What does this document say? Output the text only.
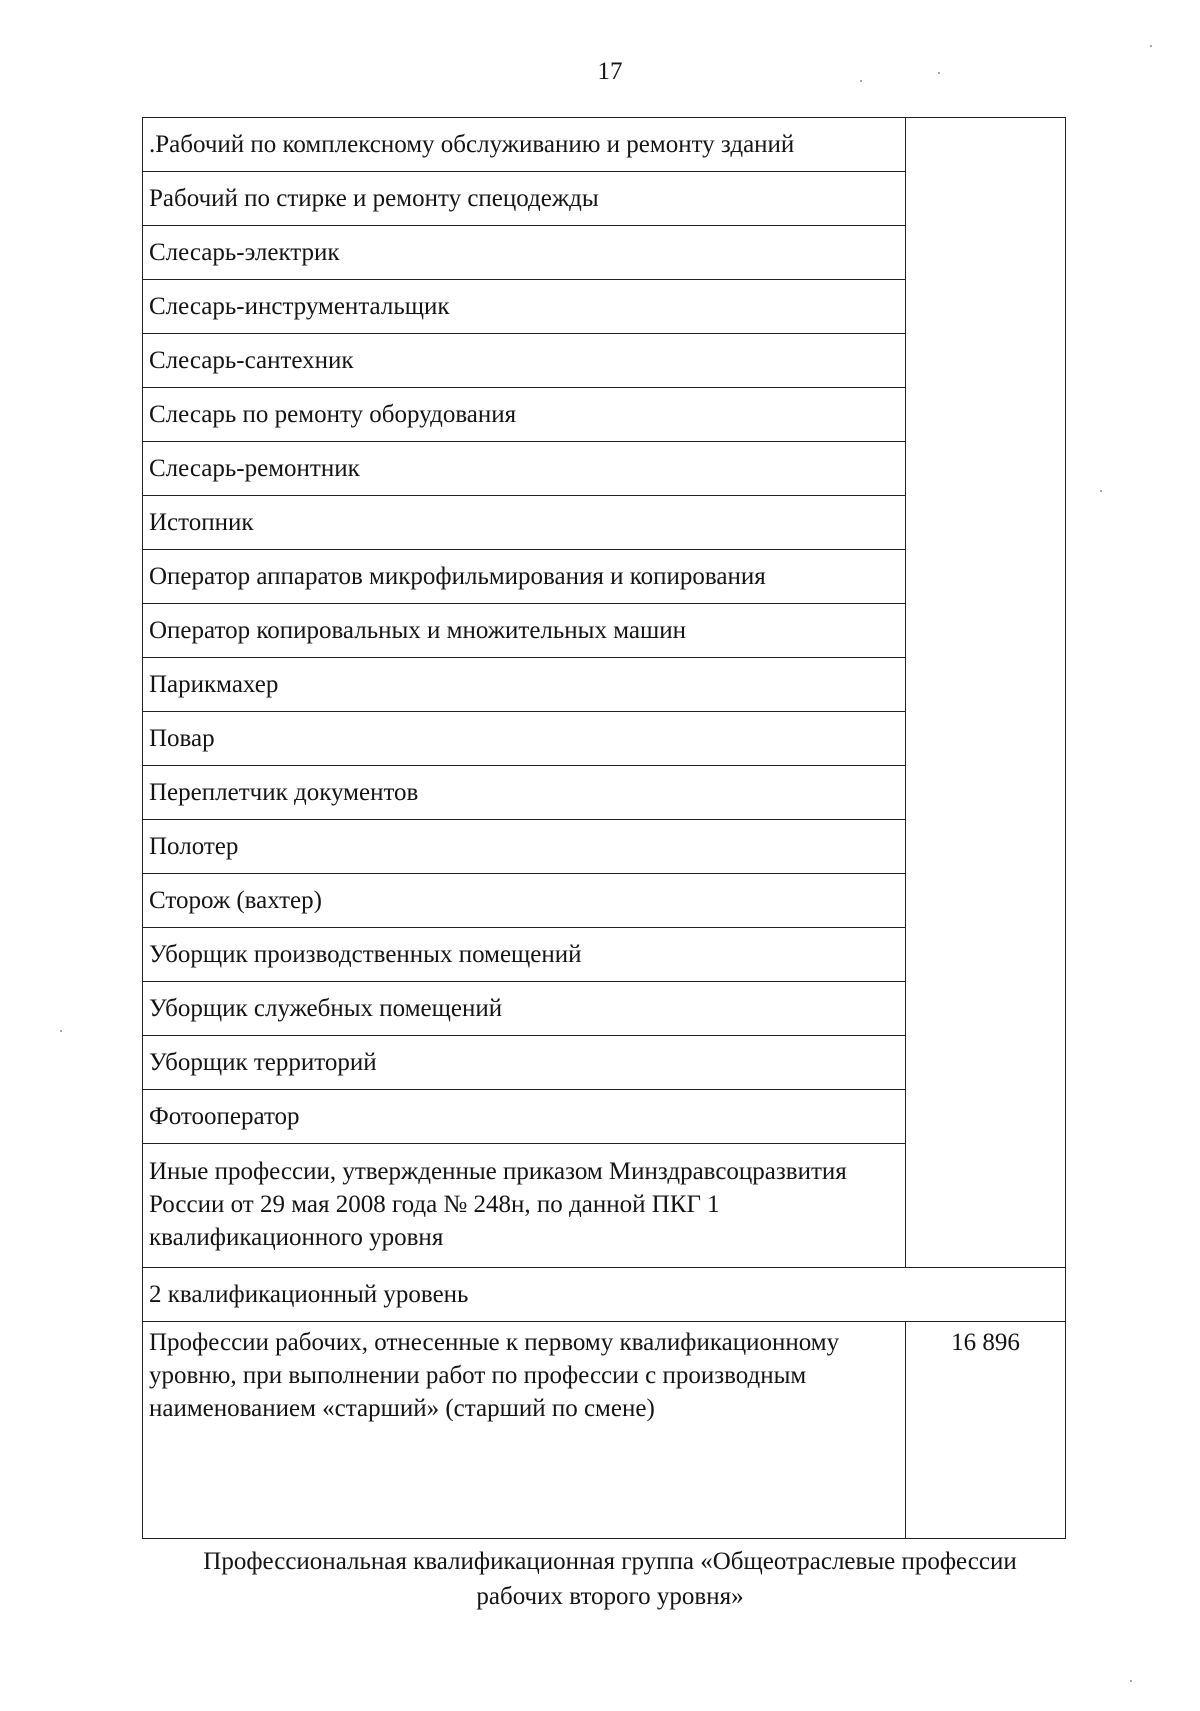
17
.Рабочий по комплексному обслуживанию и ремонту зданий	
Рабочий по стирке и ремонту спецодежды	
Слесарь-электрик	
Слесарь-инструментальщик	
Слесарь-сантехник	
Слесарь по ремонту оборудования	
Слесарь-ремонтник	
Истопник	
Оператор аппаратов микрофильмирования и копирования	
Оператор копировальных и множительных машин	
Парикмахер	
Повар	
Переплетчик документов	
Полотер	
Сторож (вахтер)	
Уборщик производственных помещений	
Уборщик служебных помещений	
Уборщик территорий	
Фотооператор	
Иные профессии, утвержденные приказом Минздравсоцразвития России от 29 мая 2008 года № 248н, по данной ПКГ 1 квалификационного уровня	
2 квалификационный уровень	
Профессии рабочих, отнесенные к первому квалификационному уровню, при выполнении работ по профессии с производным наименованием «старший» (старший по смене)	16 896
Профессиональная квалификационная группа «Общеотраслевые профессии рабочих второго уровня»
